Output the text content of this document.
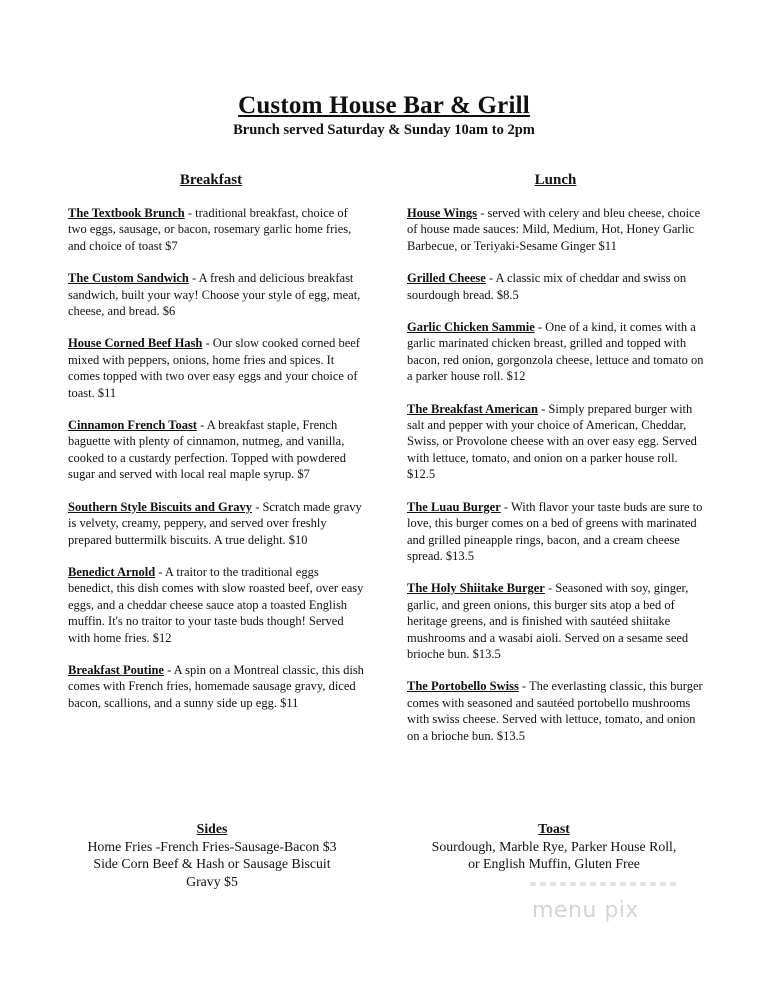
Custom House Bar & Grill
Brunch served Saturday & Sunday 10am to 2pm
Breakfast
The Textbook Brunch - traditional breakfast, choice of two eggs, sausage, or bacon, rosemary garlic home fries, and choice of toast $7
The Custom Sandwich - A fresh and delicious breakfast sandwich, built your way! Choose your style of egg, meat, cheese, and bread. $6
House Corned Beef Hash - Our slow cooked corned beef mixed with peppers, onions, home fries and spices. It comes topped with two over easy eggs and your choice of toast. $11
Cinnamon French Toast - A breakfast staple, French baguette with plenty of cinnamon, nutmeg, and vanilla, cooked to a custardy perfection. Topped with powdered sugar and served with local real maple syrup. $7
Southern Style Biscuits and Gravy - Scratch made gravy is velvety, creamy, peppery, and served over freshly prepared buttermilk biscuits. A true delight. $10
Benedict Arnold - A traitor to the traditional eggs benedict, this dish comes with slow roasted beef, over easy eggs, and a cheddar cheese sauce atop a toasted English muffin. It's no traitor to your taste buds though! Served with home fries. $12
Breakfast Poutine - A spin on a Montreal classic, this dish comes with French fries, homemade sausage gravy, diced bacon, scallions, and a sunny side up egg. $11
Lunch
House Wings - served with celery and bleu cheese, choice of house made sauces: Mild, Medium, Hot, Honey Garlic Barbecue, or Teriyaki-Sesame Ginger $11
Grilled Cheese - A classic mix of cheddar and swiss on sourdough bread. $8.5
Garlic Chicken Sammie - One of a kind, it comes with a garlic marinated chicken breast, grilled and topped with bacon, red onion, gorgonzola cheese, lettuce and tomato on a parker house roll. $12
The Breakfast American - Simply prepared burger with salt and pepper with your choice of American, Cheddar, Swiss, or Provolone cheese with an over easy egg. Served with lettuce, tomato, and onion on a parker house roll. $12.5
The Luau Burger - With flavor your taste buds are sure to love, this burger comes on a bed of greens with marinated and grilled pineapple rings, bacon, and a cream cheese spread. $13.5
The Holy Shiitake Burger - Seasoned with soy, ginger, garlic, and green onions, this burger sits atop a bed of heritage greens, and is finished with sautéed shiitake mushrooms and a wasabi aioli. Served on a sesame seed brioche bun. $13.5
The Portobello Swiss - The everlasting classic, this burger comes with seasoned and sautéed portobello mushrooms with swiss cheese. Served with lettuce, tomato, and onion on a brioche bun. $13.5
Sides
Home Fries -French Fries-Sausage-Bacon $3
Side Corn Beef & Hash or Sausage Biscuit
Gravy $5
Toast
Sourdough, Marble Rye, Parker House Roll,
or English Muffin, Gluten Free
menu pix
